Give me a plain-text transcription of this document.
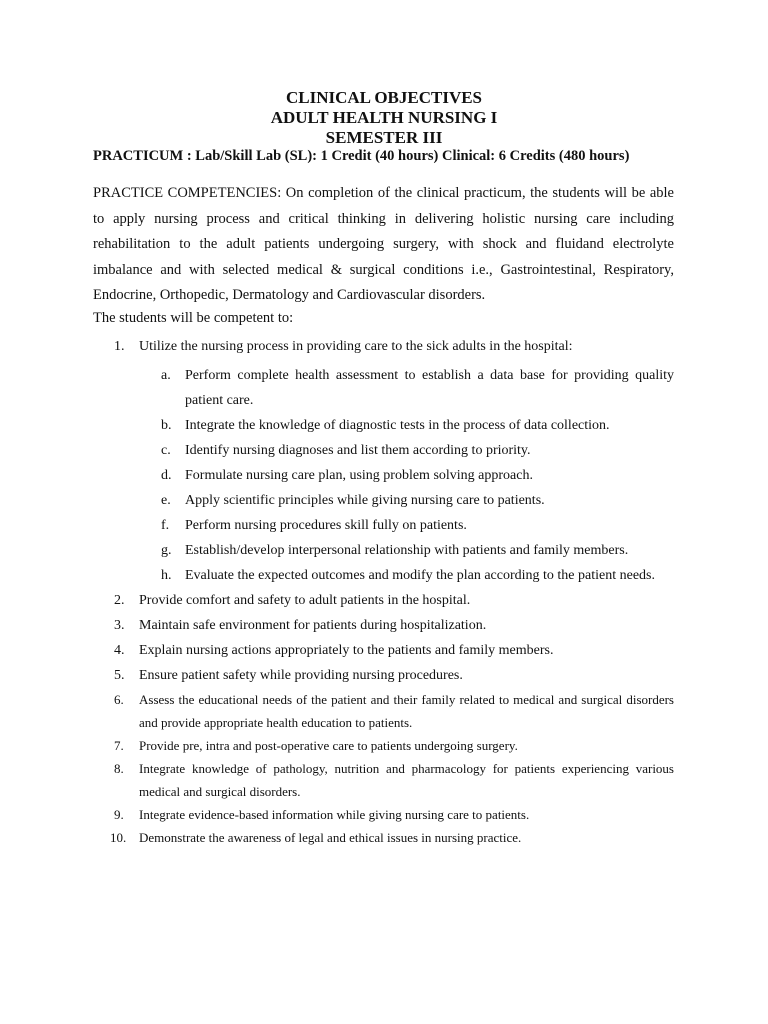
CLINICAL OBJECTIVES
ADULT HEALTH NURSING I
SEMESTER III
PRACTICUM : Lab/Skill Lab (SL): 1 Credit (40 hours) Clinical: 6 Credits (480 hours)
PRACTICE COMPETENCIES: On completion of the clinical practicum, the students will be able to apply nursing process and critical thinking in delivering holistic nursing care including rehabilitation to the adult patients undergoing surgery, with shock and fluidand electrolyte imbalance and with selected medical & surgical conditions i.e., Gastrointestinal, Respiratory, Endocrine, Orthopedic, Dermatology and Cardiovascular disorders.
The students will be competent to:
1. Utilize the nursing process in providing care to the sick adults in the hospital:
a. Perform complete health assessment to establish a data base for providing quality patient care.
b. Integrate the knowledge of diagnostic tests in the process of data collection.
c. Identify nursing diagnoses and list them according to priority.
d. Formulate nursing care plan, using problem solving approach.
e. Apply scientific principles while giving nursing care to patients.
f. Perform nursing procedures skill fully on patients.
g. Establish/develop interpersonal relationship with patients and family members.
h. Evaluate the expected outcomes and modify the plan according to the patient needs.
2. Provide comfort and safety to adult patients in the hospital.
3. Maintain safe environment for patients during hospitalization.
4. Explain nursing actions appropriately to the patients and family members.
5. Ensure patient safety while providing nursing procedures.
6. Assess the educational needs of the patient and their family related to medical and surgical disorders and provide appropriate health education to patients.
7. Provide pre, intra and post-operative care to patients undergoing surgery.
8. Integrate knowledge of pathology, nutrition and pharmacology for patients experiencing various medical and surgical disorders.
9. Integrate evidence-based information while giving nursing care to patients.
10. Demonstrate the awareness of legal and ethical issues in nursing practice.
